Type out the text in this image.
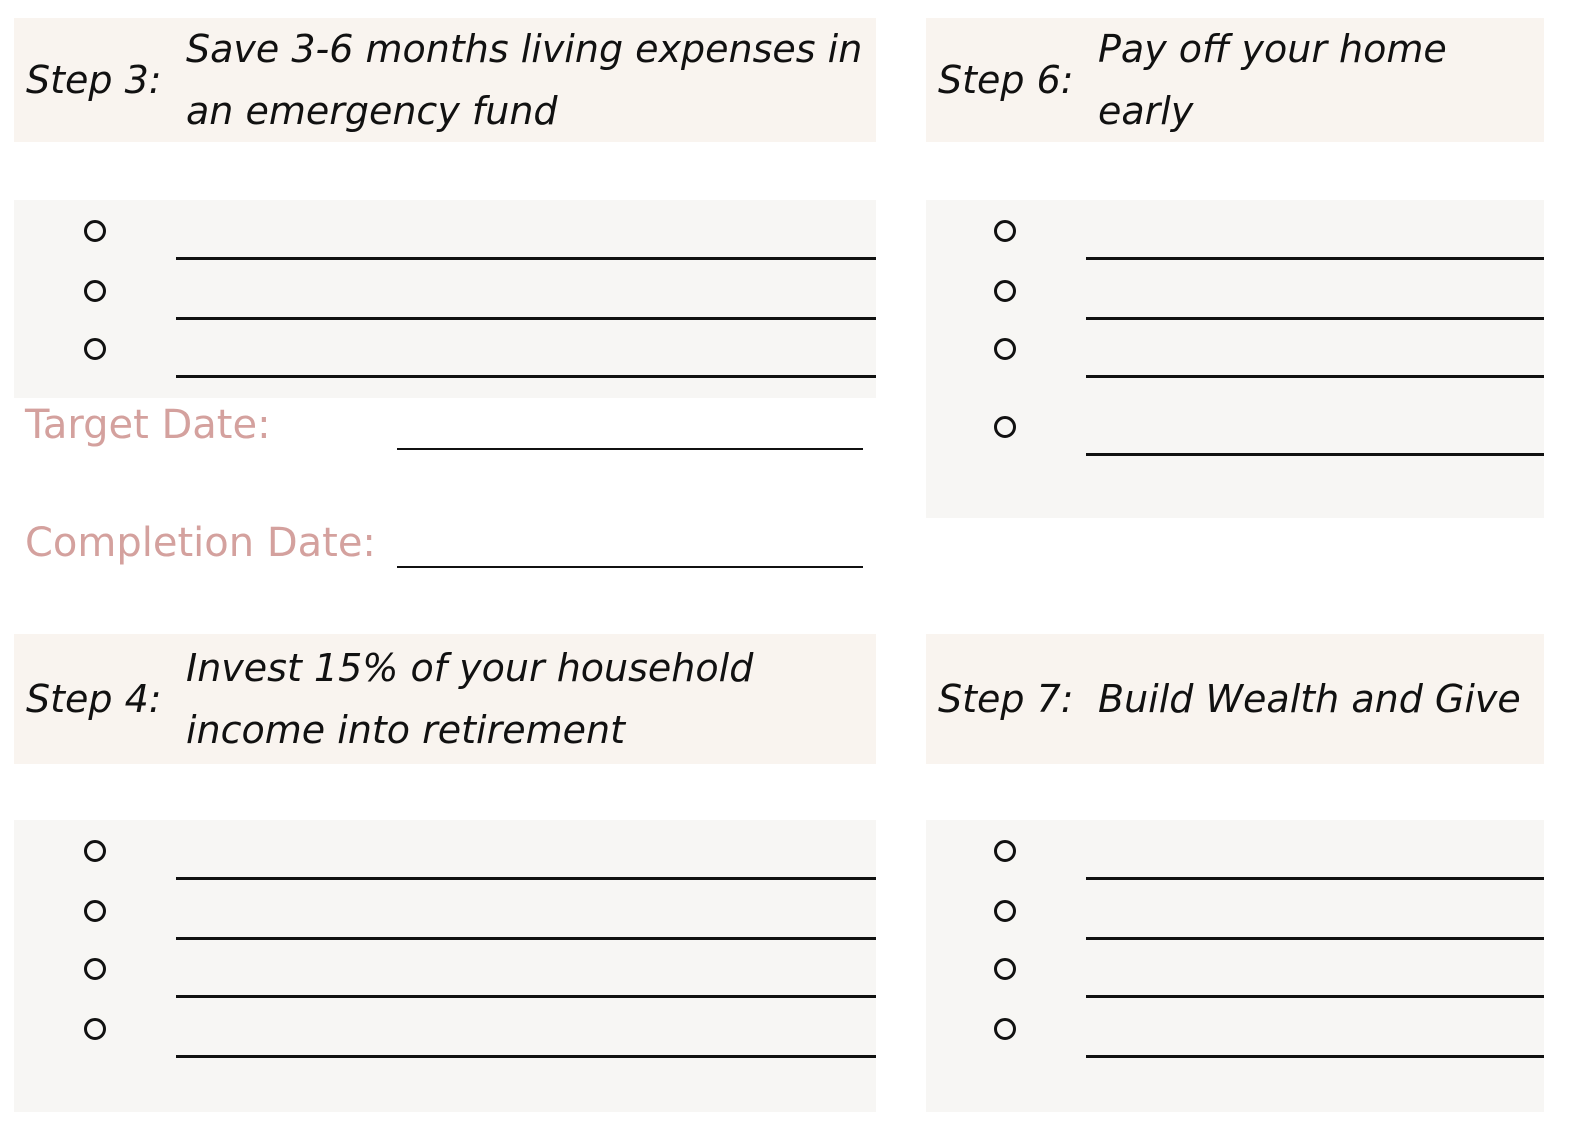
Step 3:
Save 3-6 months living expenses in an emergency fund
Target Date:
Completion Date:
Step 6:
Pay off your home early
Step 4:
Invest 15% of your household income into retirement
Step 7: Build Wealth and Give
